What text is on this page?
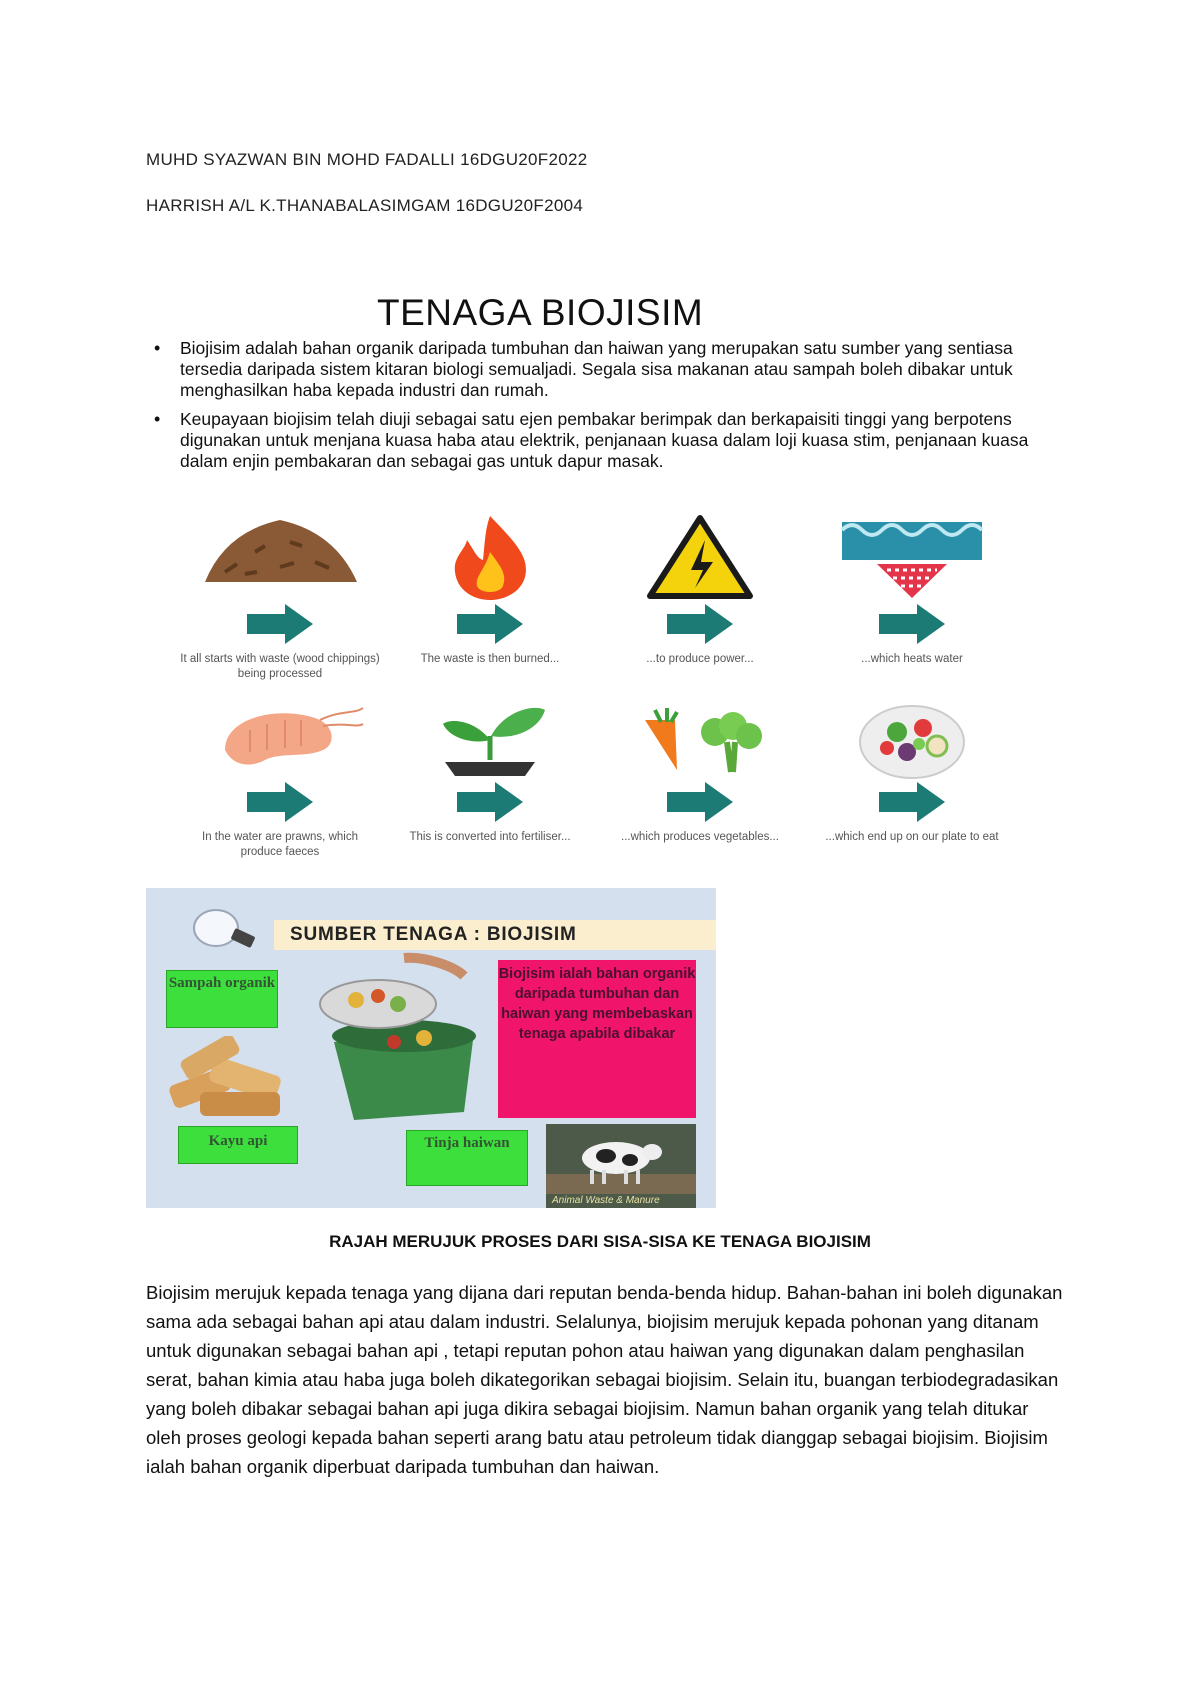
MUHD SYAZWAN BIN MOHD FADALLI 16DGU20F2022
HARRISH A/L K.THANABALASIMGAM 16DGU20F2004
TENAGA BIOJISIM
• Biojisim adalah bahan organik daripada tumbuhan dan haiwan yang merupakan satu sumber yang sentiasa tersedia daripada sistem kitaran biologi semualjadi. Segala sisa makanan atau sampah boleh dibakar untuk menghasilkan haba kepada industri dan rumah.
• Keupayaan biojisim telah diuji sebagai satu ejen pembakar berimpak dan berkapaisiti tinggi yang berpotens digunakan untuk menjana kuasa haba atau elektrik, penjanaan kuasa dalam loji kuasa stim, penjanaan kuasa dalam enjin pembakaran dan sebagai gas untuk dapur masak.
It all starts with waste (wood chippings) being processed
The waste is then burned...	...to produce power...	...which heats water
In the water are prawns, which produce faeces
This is converted into fertiliser...	...which produces vegetables...	...which end up on our plate to eat
SUMBER TENAGA : BIOJISIM
Sampah organik
Kayu api
Biojisim ialah bahan organik daripada tumbuhan dan haiwan yang membebaskan tenaga apabila dibakar
Tinja haiwan
Animal Waste & Manure
RAJAH MERUJUK PROSES DARI SISA-SISA KE TENAGA BIOJISIM
Biojisim merujuk kepada tenaga yang dijana dari reputan benda-benda hidup. Bahan-bahan ini boleh digunakan sama ada sebagai bahan api atau dalam industri. Selalunya, biojisim merujuk kepada pohonan yang ditanam untuk digunakan sebagai bahan api , tetapi reputan pohon atau haiwan yang digunakan dalam penghasilan serat, bahan kimia atau haba juga boleh dikategorikan sebagai biojisim. Selain itu, buangan terbiodegradasikan yang boleh dibakar sebagai bahan api juga dikira sebagai biojisim. Namun bahan organik yang telah ditukar oleh proses geologi kepada bahan seperti arang batu atau petroleum tidak dianggap sebagai biojisim. Biojisim ialah bahan organik diperbuat daripada tumbuhan dan haiwan.
